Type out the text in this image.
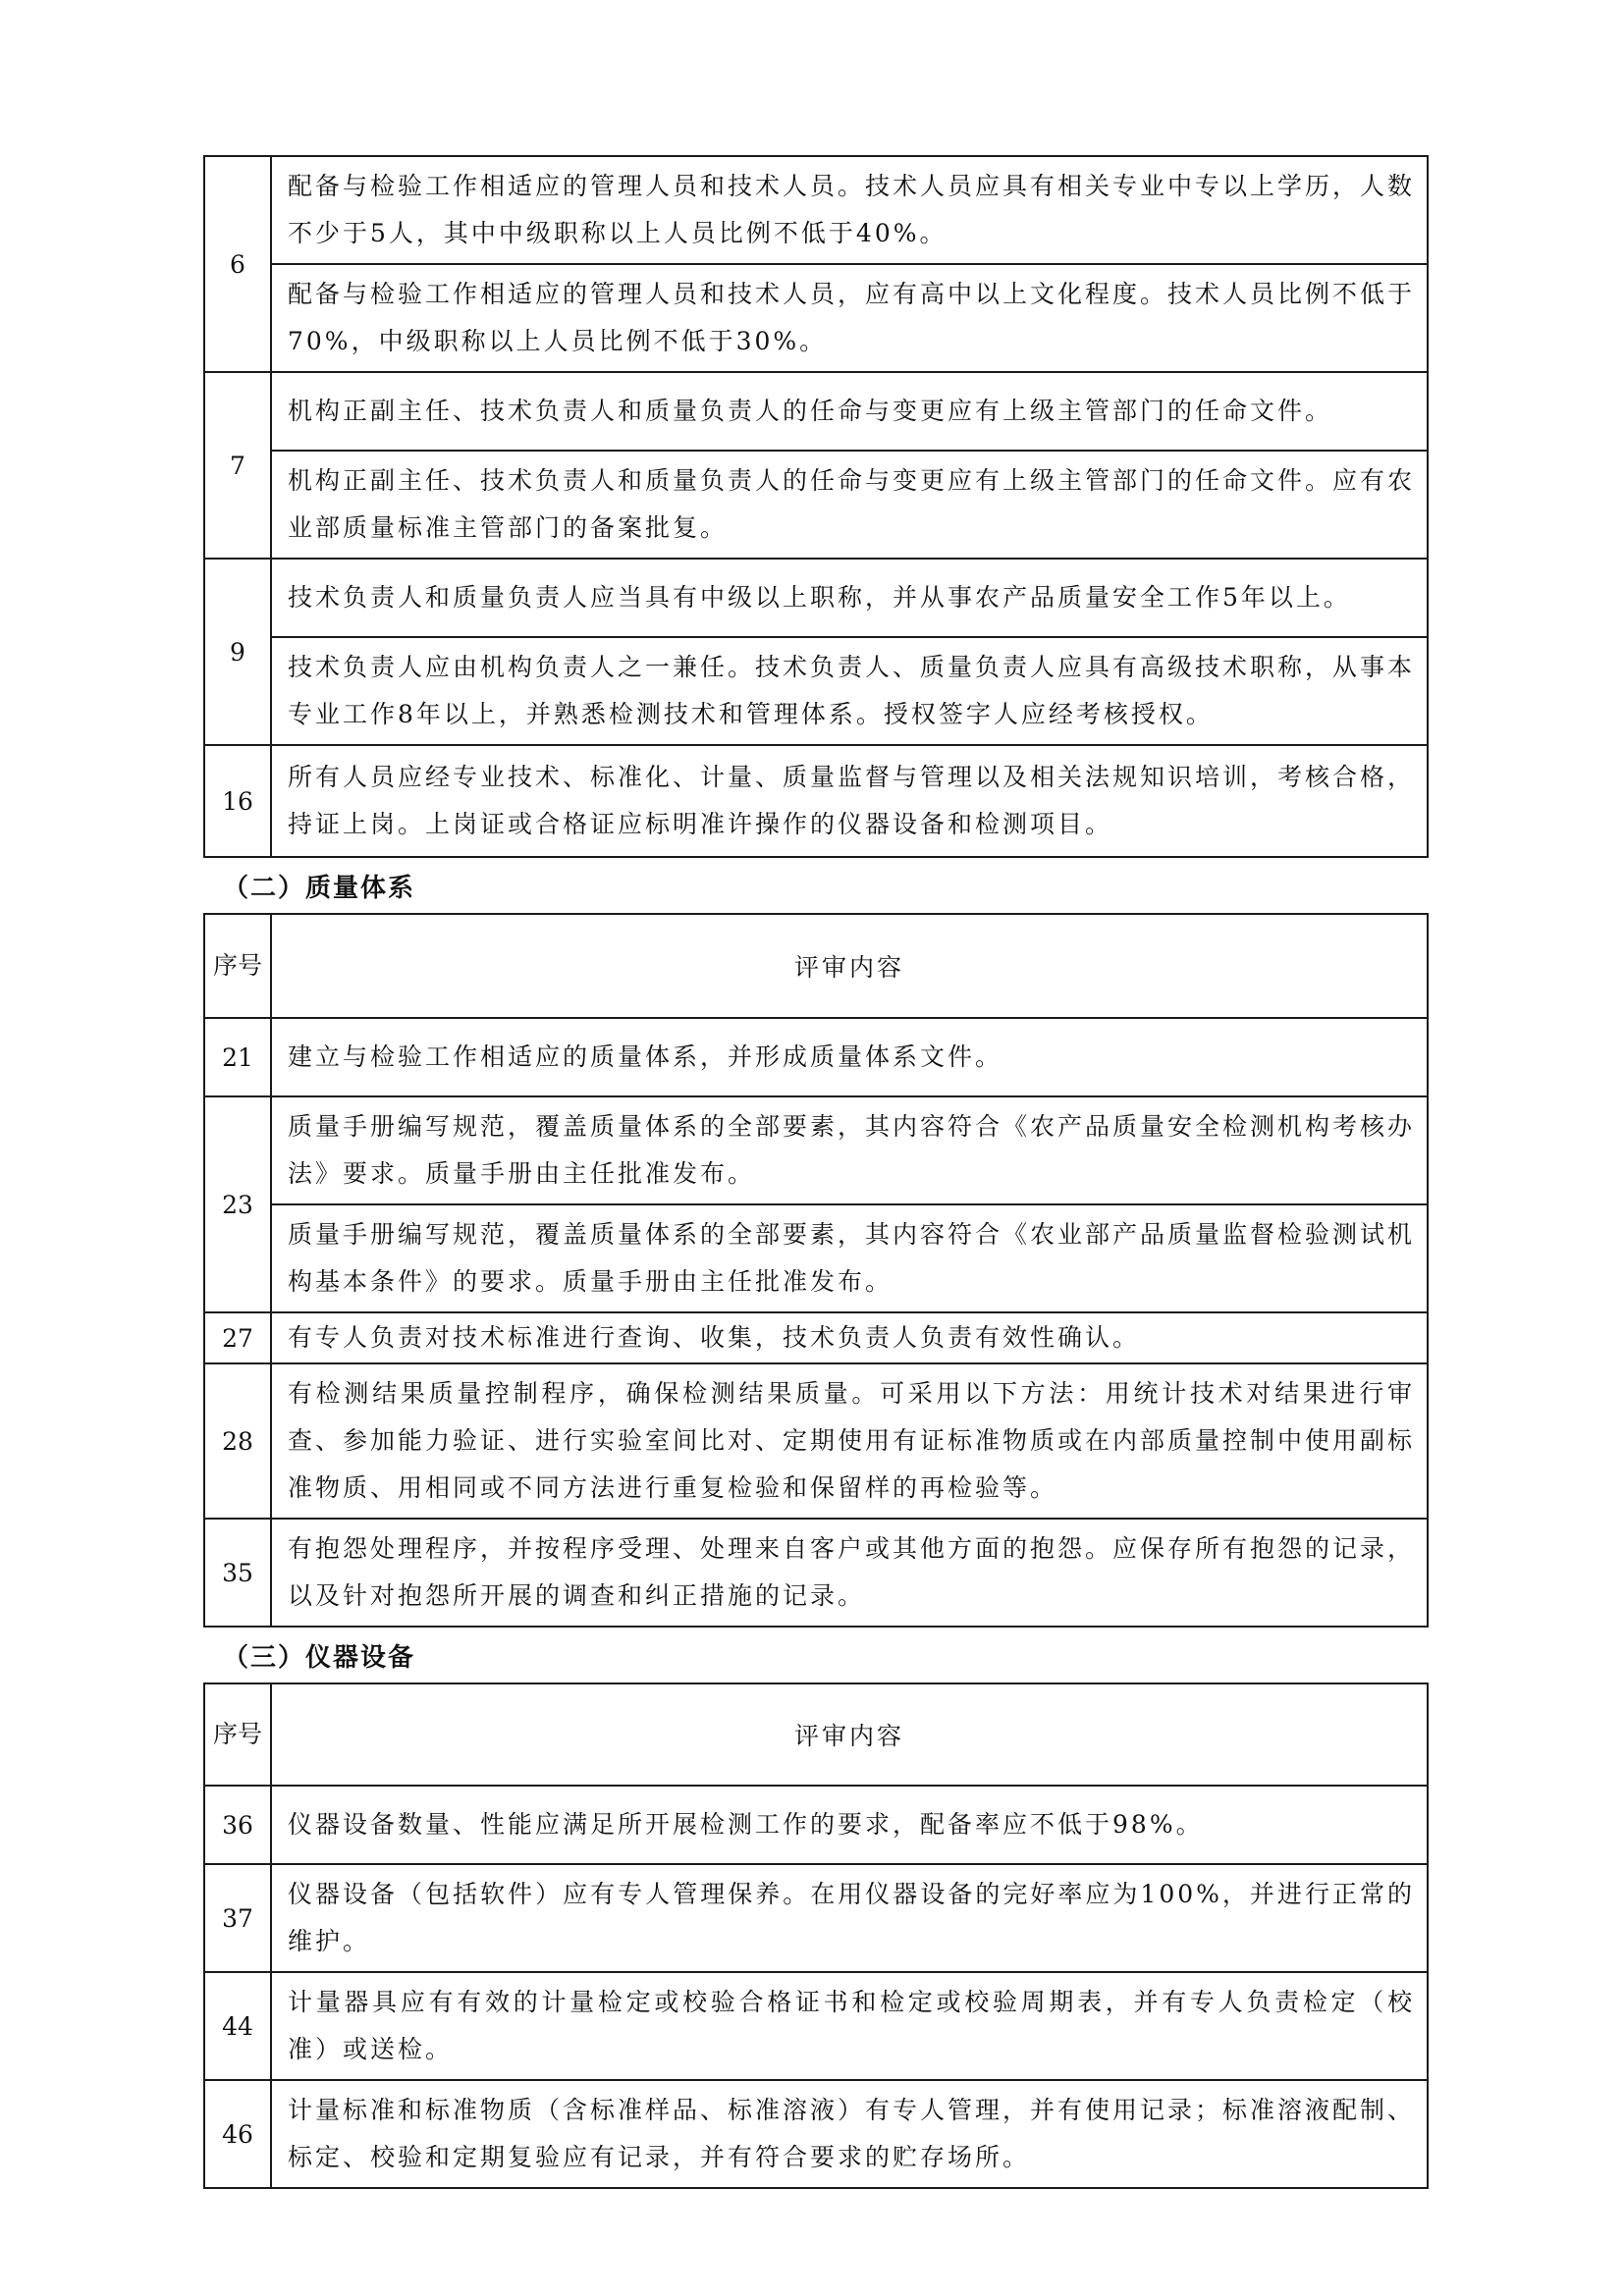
6	配备与检验工作相适应的管理人员和技术人员。技术人员应具有相关专业中专以上学历，人数不少于5人，其中中级职称以上人员比例不低于40%。
	配备与检验工作相适应的管理人员和技术人员，应有高中以上文化程度。技术人员比例不低于70%，中级职称以上人员比例不低于30%。
7	机构正副主任、技术负责人和质量负责人的任命与变更应有上级主管部门的任命文件。
	机构正副主任、技术负责人和质量负责人的任命与变更应有上级主管部门的任命文件。应有农业部质量标准主管部门的备案批复。
9	技术负责人和质量负责人应当具有中级以上职称，并从事农产品质量安全工作5年以上。
	技术负责人应由机构负责人之一兼任。技术负责人、质量负责人应具有高级技术职称，从事本专业工作8年以上，并熟悉检测技术和管理体系。授权签字人应经考核授权。
16	所有人员应经专业技术、标准化、计量、质量监督与管理以及相关法规知识培训，考核合格，持证上岗。上岗证或合格证应标明准许操作的仪器设备和检测项目。
（二）质量体系
序号	评审内容
21	建立与检验工作相适应的质量体系，并形成质量体系文件。
23	质量手册编写规范，覆盖质量体系的全部要素，其内容符合《农产品质量安全检测机构考核办法》要求。质量手册由主任批准发布。
	质量手册编写规范，覆盖质量体系的全部要素，其内容符合《农业部产品质量监督检验测试机构基本条件》的要求。质量手册由主任批准发布。
27	有专人负责对技术标准进行查询、收集，技术负责人负责有效性确认。
28	有检测结果质量控制程序，确保检测结果质量。可采用以下方法：用统计技术对结果进行审查、参加能力验证、进行实验室间比对、定期使用有证标准物质或在内部质量控制中使用副标准物质、用相同或不同方法进行重复检验和保留样的再检验等。
35	有抱怨处理程序，并按程序受理、处理来自客户或其他方面的抱怨。应保存所有抱怨的记录，以及针对抱怨所开展的调查和纠正措施的记录。
（三）仪器设备
序号	评审内容
36	仪器设备数量、性能应满足所开展检测工作的要求，配备率应不低于98%。
37	仪器设备（包括软件）应有专人管理保养。在用仪器设备的完好率应为100%，并进行正常的维护。
44	计量器具应有有效的计量检定或校验合格证书和检定或校验周期表，并有专人负责检定（校准）或送检。
46	计量标准和标准物质（含标准样品、标准溶液）有专人管理，并有使用记录；标准溶液配制、标定、校验和定期复验应有记录，并有符合要求的贮存场所。
